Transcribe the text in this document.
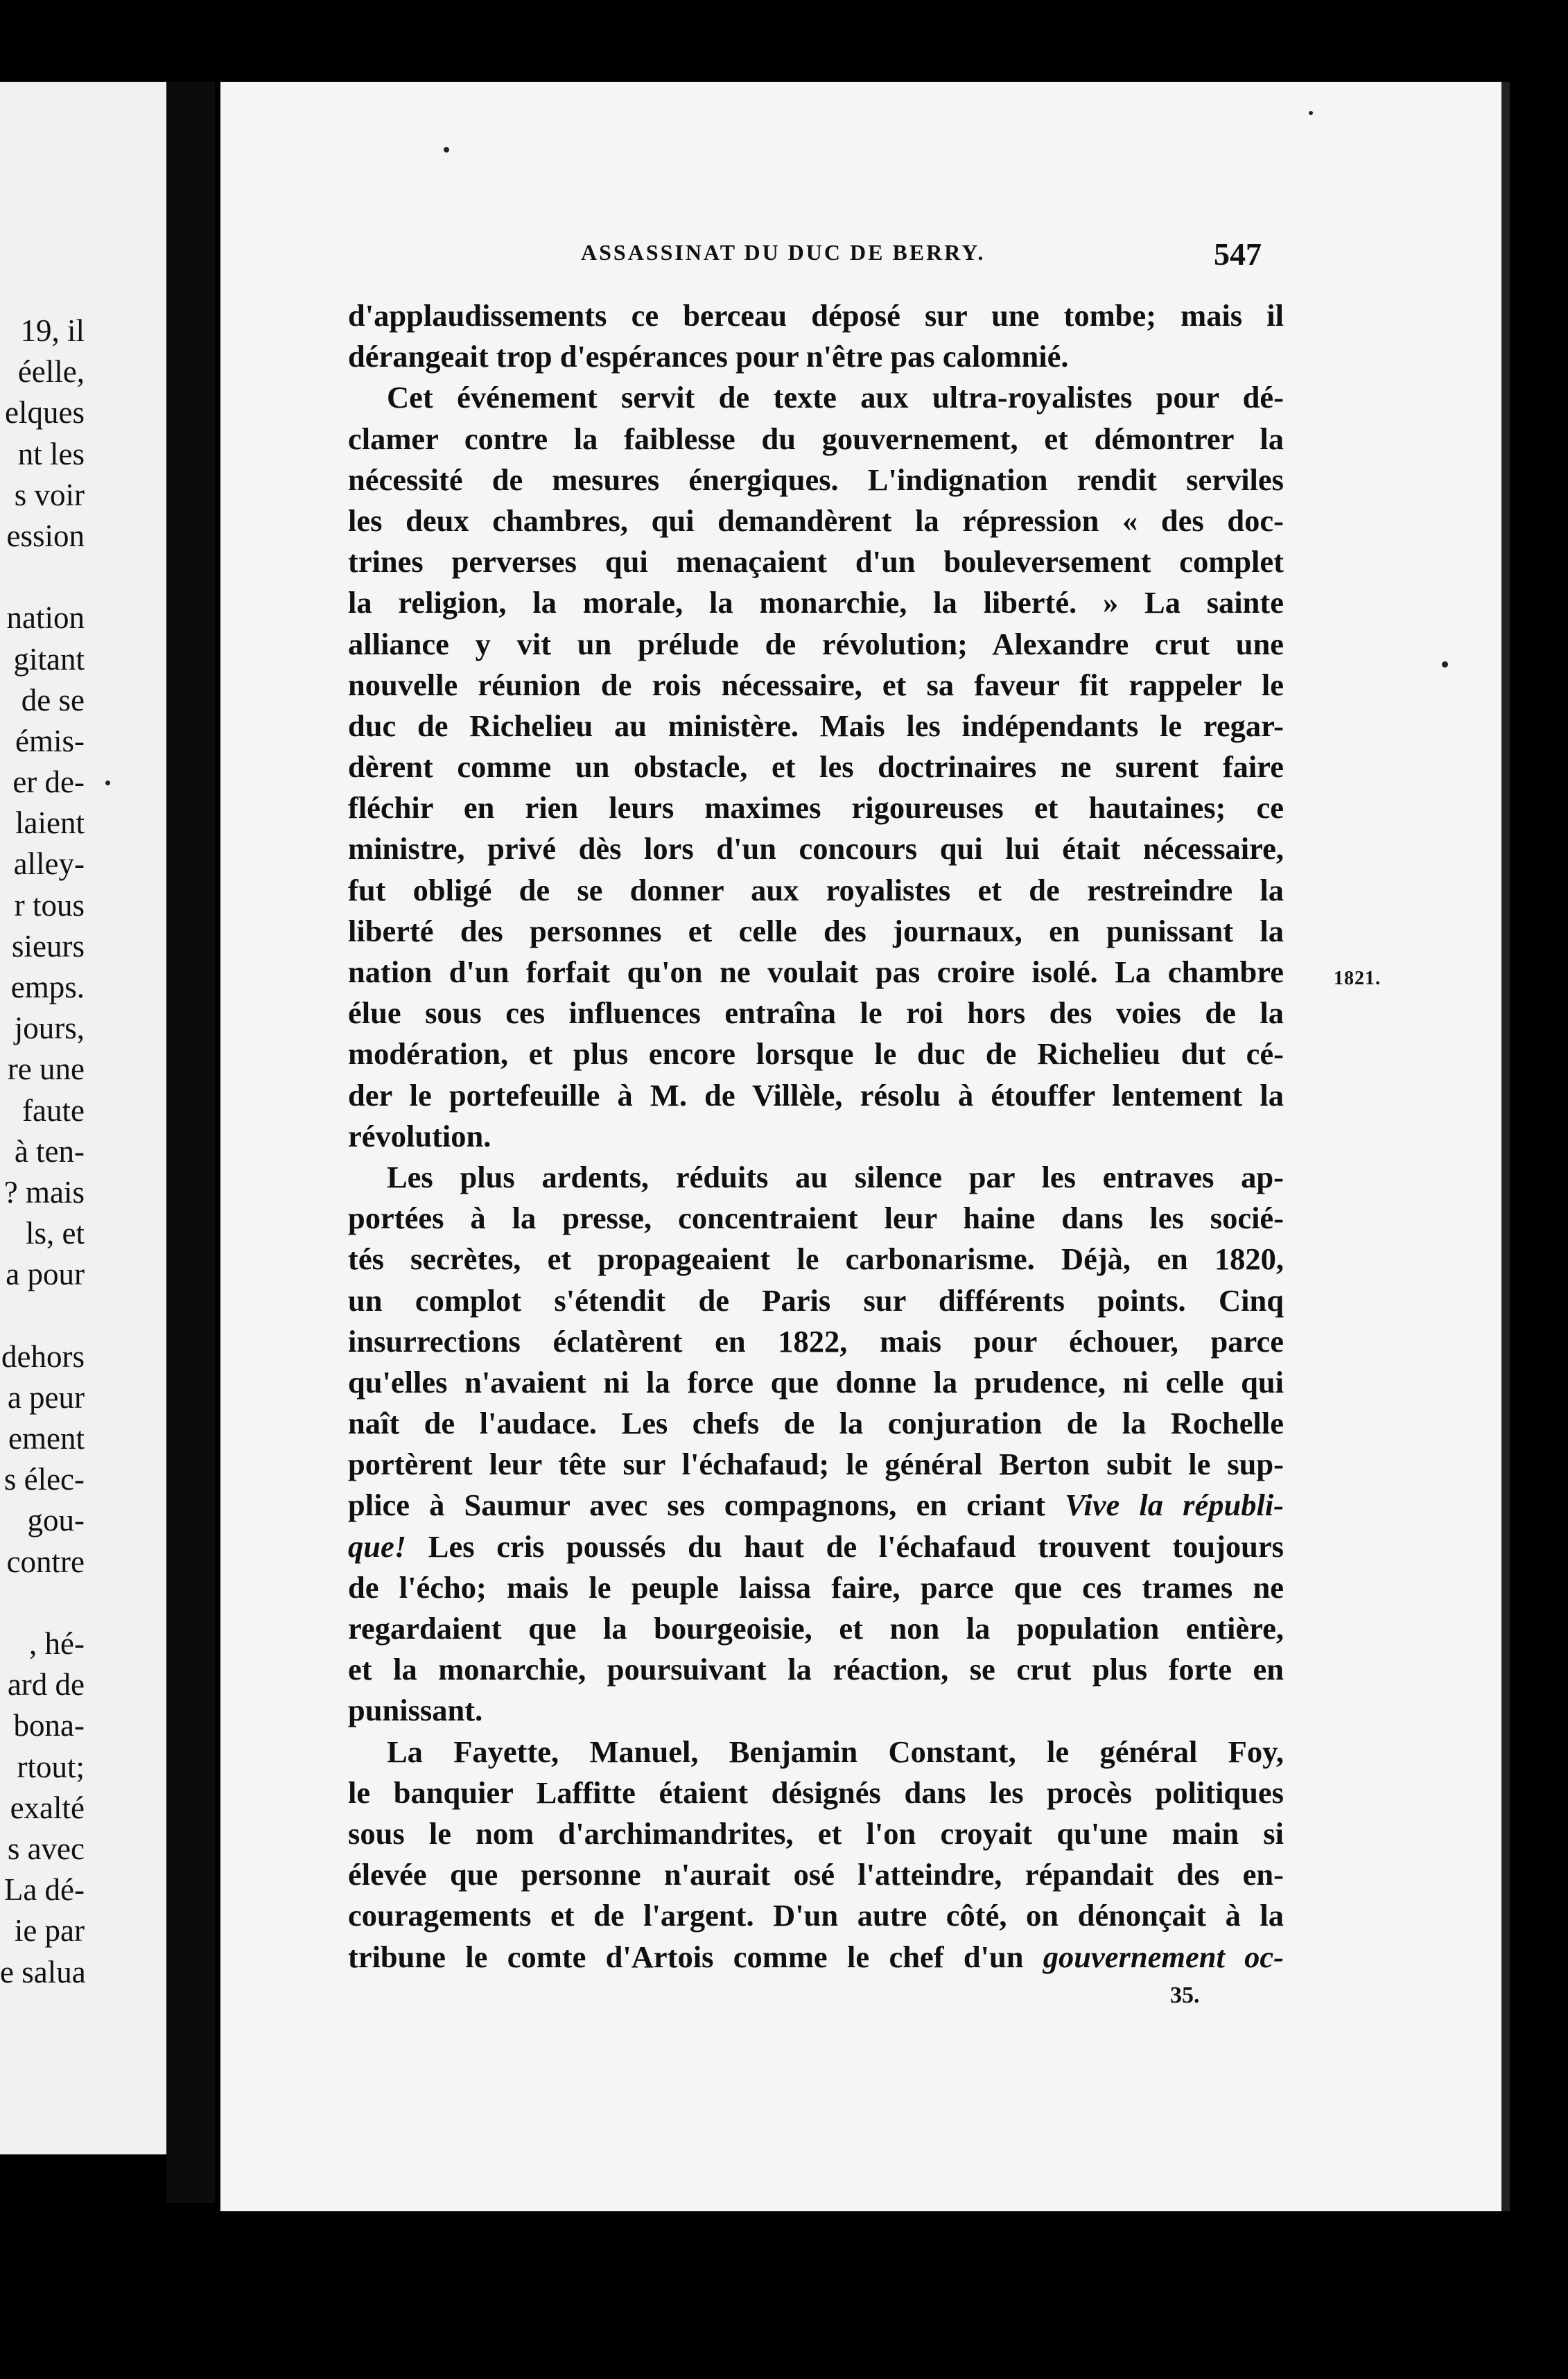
19, il
éelle,
elques
nt les
s voir
ession
nation
gitant
de se
émis-
er de-
laient
alley-
r tous
sieurs
emps.
jours,
re une
faute
à ten-
? mais
ls, et
a pour
dehors
a peur
ement
s élec-
gou-
contre
, hé-
ard de
bona-
rtout;
exalté
s avec
La dé-
ie par
e salua
ASSASSINAT DU DUC DE BERRY.	547
d'applaudissements ce berceau déposé sur une tombe; mais il
dérangeait trop d'espérances pour n'être pas calomnié.
Cet événement servit de texte aux ultra-royalistes pour dé-
clamer contre la faiblesse du gouvernement, et démontrer la
nécessité de mesures énergiques. L'indignation rendit serviles
les deux chambres, qui demandèrent la répression « des doc-
trines perverses qui menaçaient d'un bouleversement complet
la religion, la morale, la monarchie, la liberté. » La sainte
alliance y vit un prélude de révolution; Alexandre crut une
nouvelle réunion de rois nécessaire, et sa faveur fit rappeler le
duc de Richelieu au ministère. Mais les indépendants le regar-
dèrent comme un obstacle, et les doctrinaires ne surent faire
fléchir en rien leurs maximes rigoureuses et hautaines; ce
ministre, privé dès lors d'un concours qui lui était nécessaire,
fut obligé de se donner aux royalistes et de restreindre la
liberté des personnes et celle des journaux, en punissant la
nation d'un forfait qu'on ne voulait pas croire isolé. La chambre
élue sous ces influences entraîna le roi hors des voies de la
modération, et plus encore lorsque le duc de Richelieu dut cé-
der le portefeuille à M. de Villèle, résolu à étouffer lentement la
révolution.
Les plus ardents, réduits au silence par les entraves ap-
portées à la presse, concentraient leur haine dans les socié-
tés secrètes, et propageaient le carbonarisme. Déjà, en 1820,
un complot s'étendit de Paris sur différents points. Cinq
insurrections éclatèrent en 1822, mais pour échouer, parce
qu'elles n'avaient ni la force que donne la prudence, ni celle qui
naît de l'audace. Les chefs de la conjuration de la Rochelle
portèrent leur tête sur l'échafaud; le général Berton subit le sup-
plice à Saumur avec ses compagnons, en criant Vive la républi-
que! Les cris poussés du haut de l'échafaud trouvent toujours
de l'écho; mais le peuple laissa faire, parce que ces trames ne
regardaient que la bourgeoisie, et non la population entière,
et la monarchie, poursuivant la réaction, se crut plus forte en
punissant.
La Fayette, Manuel, Benjamin Constant, le général Foy,
le banquier Laffitte étaient désignés dans les procès politiques
sous le nom d'archimandrites, et l'on croyait qu'une main si
élevée que personne n'aurait osé l'atteindre, répandait des en-
couragements et de l'argent. D'un autre côté, on dénonçait à la
tribune le comte d'Artois comme le chef d'un gouvernement oc-
1821.
35.
